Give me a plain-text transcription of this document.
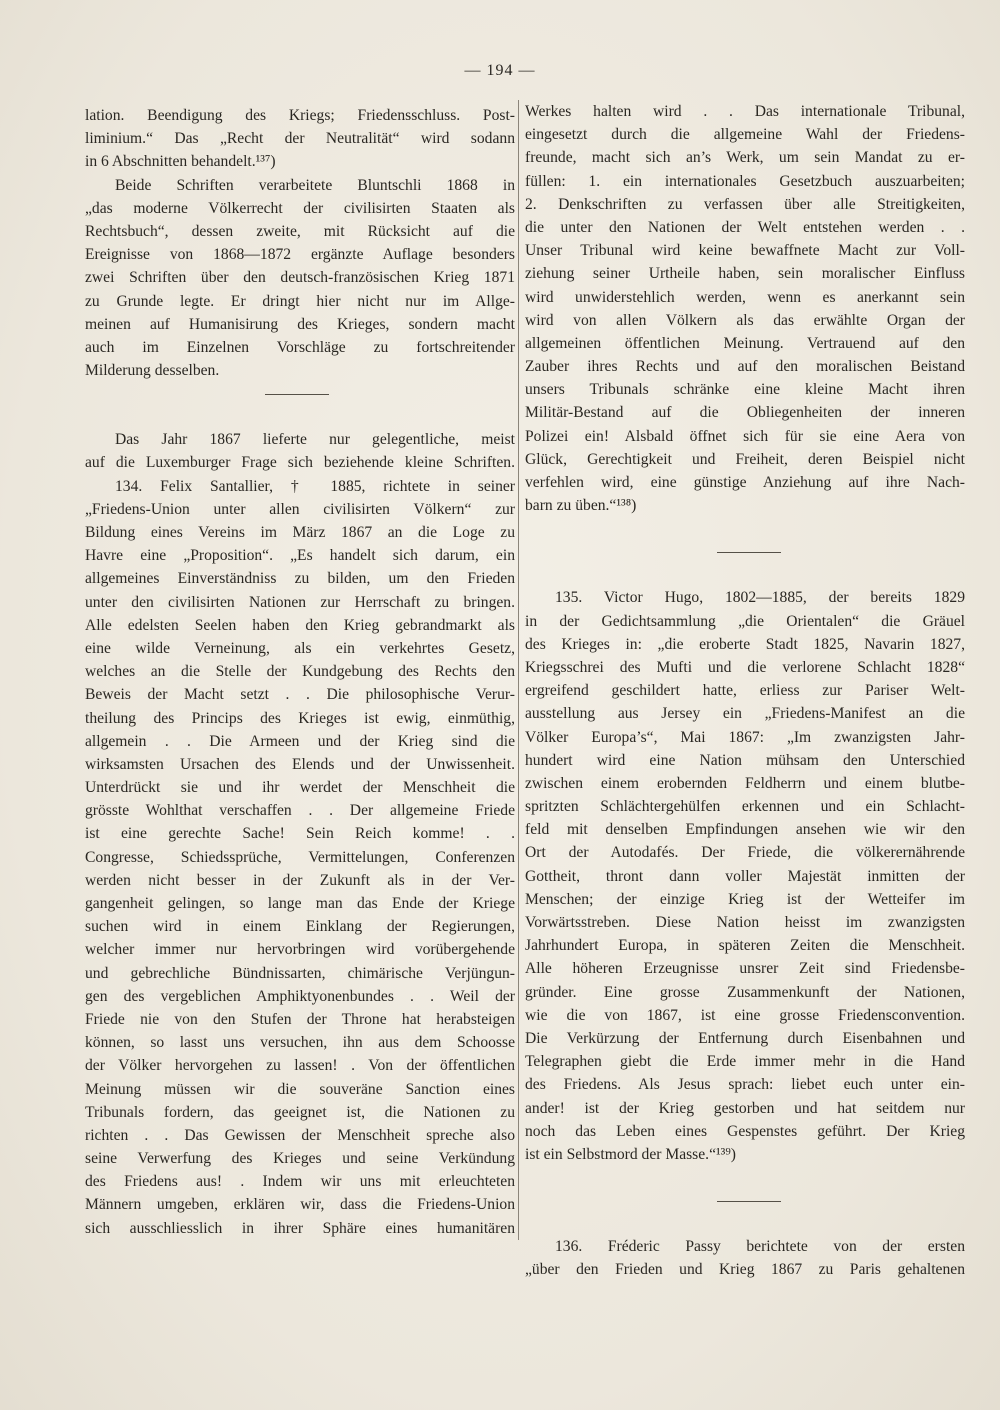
— 194 —
lation. Beendigung des Kriegs; Friedensschluss. Post-
liminium.“ Das „Recht der Neutralität“ wird sodann
in 6 Abschnitten behandelt.¹³⁷)
Beide Schriften verarbeitete Bluntschli 1868 in
„das moderne Völkerrecht der civilisirten Staaten als
Rechtsbuch“, dessen zweite, mit Rücksicht auf die
Ereignisse von 1868—1872 ergänzte Auflage besonders
zwei Schriften über den deutsch-französischen Krieg 1871
zu Grunde legte. Er dringt hier nicht nur im Allge-
meinen auf Humanisirung des Krieges, sondern macht
auch im Einzelnen Vorschläge zu fortschreitender
Milderung desselben.
Das Jahr 1867 lieferte nur gelegentliche, meist
auf die Luxemburger Frage sich beziehende kleine Schriften.
134. Felix Santallier, † 1885, richtete in seiner
„Friedens-Union unter allen civilisirten Völkern“ zur
Bildung eines Vereins im März 1867 an die Loge zu
Havre eine „Proposition“. „Es handelt sich darum, ein
allgemeines Einverständniss zu bilden, um den Frieden
unter den civilisirten Nationen zur Herrschaft zu bringen.
Alle edelsten Seelen haben den Krieg gebrandmarkt als
eine wilde Verneinung, als ein verkehrtes Gesetz,
welches an die Stelle der Kundgebung des Rechts den
Beweis der Macht setzt . . Die philosophische Verur-
theilung des Princips des Krieges ist ewig, einmüthig,
allgemein . . Die Armeen und der Krieg sind die
wirksamsten Ursachen des Elends und der Unwissenheit.
Unterdrückt sie und ihr werdet der Menschheit die
grösste Wohlthat verschaffen . . Der allgemeine Friede
ist eine gerechte Sache! Sein Reich komme! . .
Congresse, Schiedssprüche, Vermittelungen, Conferenzen
werden nicht besser in der Zukunft als in der Ver-
gangenheit gelingen, so lange man das Ende der Kriege
suchen wird in einem Einklang der Regierungen,
welcher immer nur hervorbringen wird vorübergehende
und gebrechliche Bündnissarten, chimärische Verjüngun-
gen des vergeblichen Amphiktyonenbundes . . Weil der
Friede nie von den Stufen der Throne hat herabsteigen
können, so lasst uns versuchen, ihn aus dem Schoosse
der Völker hervorgehen zu lassen! . Von der öffentlichen
Meinung müssen wir die souveräne Sanction eines
Tribunals fordern, das geeignet ist, die Nationen zu
richten . . Das Gewissen der Menschheit spreche also
seine Verwerfung des Krieges und seine Verkündung
des Friedens aus! . Indem wir uns mit erleuchteten
Männern umgeben, erklären wir, dass die Friedens-Union
sich ausschliesslich in ihrer Sphäre eines humanitären
Werkes halten wird . . Das internationale Tribunal,
eingesetzt durch die allgemeine Wahl der Friedens-
freunde, macht sich an’s Werk, um sein Mandat zu er-
füllen: 1. ein internationales Gesetzbuch auszuarbeiten;
2. Denkschriften zu verfassen über alle Streitigkeiten,
die unter den Nationen der Welt entstehen werden . .
Unser Tribunal wird keine bewaffnete Macht zur Voll-
ziehung seiner Urtheile haben, sein moralischer Einfluss
wird unwiderstehlich werden, wenn es anerkannt sein
wird von allen Völkern als das erwählte Organ der
allgemeinen öffentlichen Meinung. Vertrauend auf den
Zauber ihres Rechts und auf den moralischen Beistand
unsers Tribunals schränke eine kleine Macht ihren
Militär-Bestand auf die Obliegenheiten der inneren
Polizei ein! Alsbald öffnet sich für sie eine Aera von
Glück, Gerechtigkeit und Freiheit, deren Beispiel nicht
verfehlen wird, eine günstige Anziehung auf ihre Nach-
barn zu üben.“¹³⁸)
135. Victor Hugo, 1802—1885, der bereits 1829
in der Gedichtsammlung „die Orientalen“ die Gräuel
des Krieges in: „die eroberte Stadt 1825, Navarin 1827,
Kriegsschrei des Mufti und die verlorene Schlacht 1828“
ergreifend geschildert hatte, erliess zur Pariser Welt-
ausstellung aus Jersey ein „Friedens-Manifest an die
Völker Europa’s“, Mai 1867: „Im zwanzigsten Jahr-
hundert wird eine Nation mühsam den Unterschied
zwischen einem erobernden Feldherrn und einem blutbe-
spritzten Schlächtergehülfen erkennen und ein Schlacht-
feld mit denselben Empfindungen ansehen wie wir den
Ort der Autodafés. Der Friede, die völkerernährende
Gottheit, thront dann voller Majestät inmitten der
Menschen; der einzige Krieg ist der Wetteifer im
Vorwärtsstreben. Diese Nation heisst im zwanzigsten
Jahrhundert Europa, in späteren Zeiten die Menschheit.
Alle höheren Erzeugnisse unsrer Zeit sind Friedensbe-
gründer. Eine grosse Zusammenkunft der Nationen,
wie die von 1867, ist eine grosse Friedensconvention.
Die Verkürzung der Entfernung durch Eisenbahnen und
Telegraphen giebt die Erde immer mehr in die Hand
des Friedens. Als Jesus sprach: liebet euch unter ein-
ander! ist der Krieg gestorben und hat seitdem nur
noch das Leben eines Gespenstes geführt. Der Krieg
ist ein Selbstmord der Masse.“¹³⁹)
136. Fréderic Passy berichtete von der ersten
„über den Frieden und Krieg 1867 zu Paris gehaltenen
